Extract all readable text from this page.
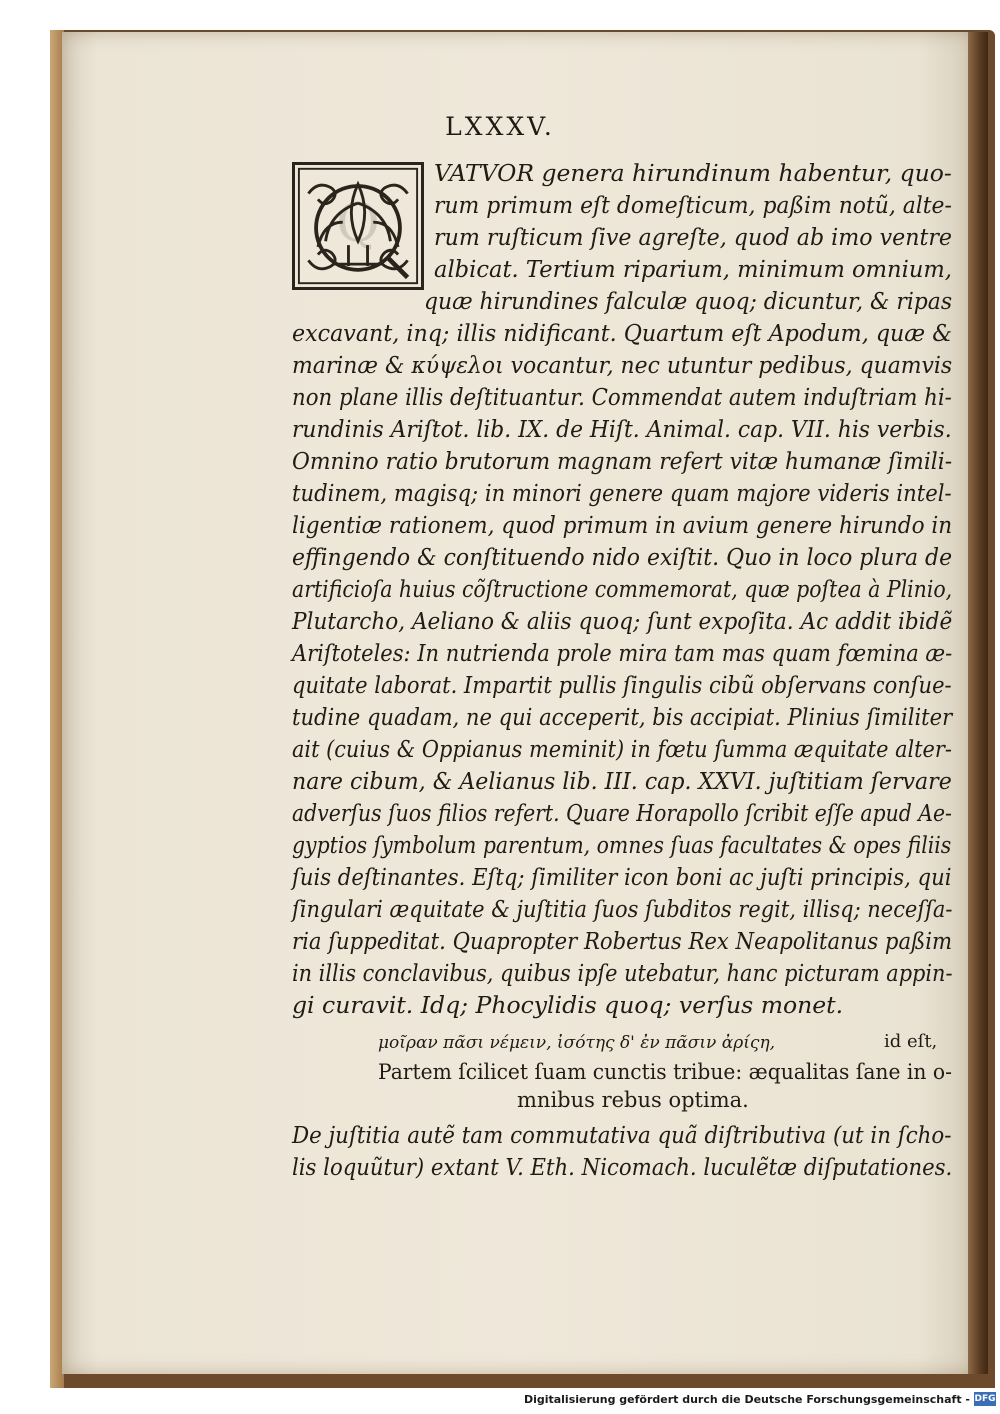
LXXXV.
Q
VATVOR genera hirundinum habentur, quo-
rum primum eſt domeſticum, paßim notũ, alte-
rum ruſticum ſive agreſte, quod ab imo ventre
albicat. Tertium riparium, minimum omnium,
quæ hirundines falculæ quoq; dicuntur, & ripas
excavant, inq; illis nidificant. Quartum eſt Apodum, quæ &
marinæ & κύψελοι vocantur, nec utuntur pedibus, quamvis
non plane illis deſtituantur. Commendat autem induſtriam hi-
rundinis Ariſtot. lib. IX. de Hiſt. Animal. cap. VII. his verbis.
Omnino ratio brutorum magnam refert vitæ humanæ ſimili-
tudinem, magisq; in minori genere quam majore videris intel-
ligentiæ rationem, quod primum in avium genere hirundo in
effingendo & conſtituendo nido exiſtit. Quo in loco plura de
artificioſa huius cõſtructione commemorat, quæ poſtea à Plinio,
Plutarcho, Aeliano & aliis quoq; ſunt expoſita. Ac addit ibidẽ
Ariſtoteles: In nutrienda prole mira tam mas quam fœmina æ-
quitate laborat. Impartit pullis ſingulis cibũ obſervans conſue-
tudine quadam, ne qui acceperit, bis accipiat. Plinius ſimiliter
ait (cuius & Oppianus meminit) in fœtu ſumma æquitate alter-
nare cibum, & Aelianus lib. III. cap. XXVI. juſtitiam ſervare
adverſus ſuos filios refert. Quare Horapollo ſcribit eſſe apud Ae-
gyptios ſymbolum parentum, omnes ſuas facultates & opes filiis
ſuis deſtinantes. Eſtq; ſimiliter icon boni ac juſti principis, qui
ſingulari æquitate & juſtitia ſuos ſubditos regit, illisq; neceſſa-
ria ſuppeditat. Quapropter Robertus Rex Neapolitanus paßim
in illis conclavibus, quibus ipſe utebatur, hanc picturam appin-
gi curavit. Idq; Phocylidis quoq; verſus monet.
μοῖραν πᾶσι νέμειν, ἰσότης δ' ἐν πᾶσιν ἀρίςη,	id eſt,
Partem ſcilicet ſuam cunctis tribue: æqualitas ſane in o-
mnibus rebus optima.
De juſtitia autẽ tam commutativa quã diſtributiva (ut in ſcho-
lis loquũtur) extant V. Eth. Nicomach. luculẽtæ diſputationes.
Digitalisierung gefördert durch die Deutsche Forschungsgemeinschaft - DFG
